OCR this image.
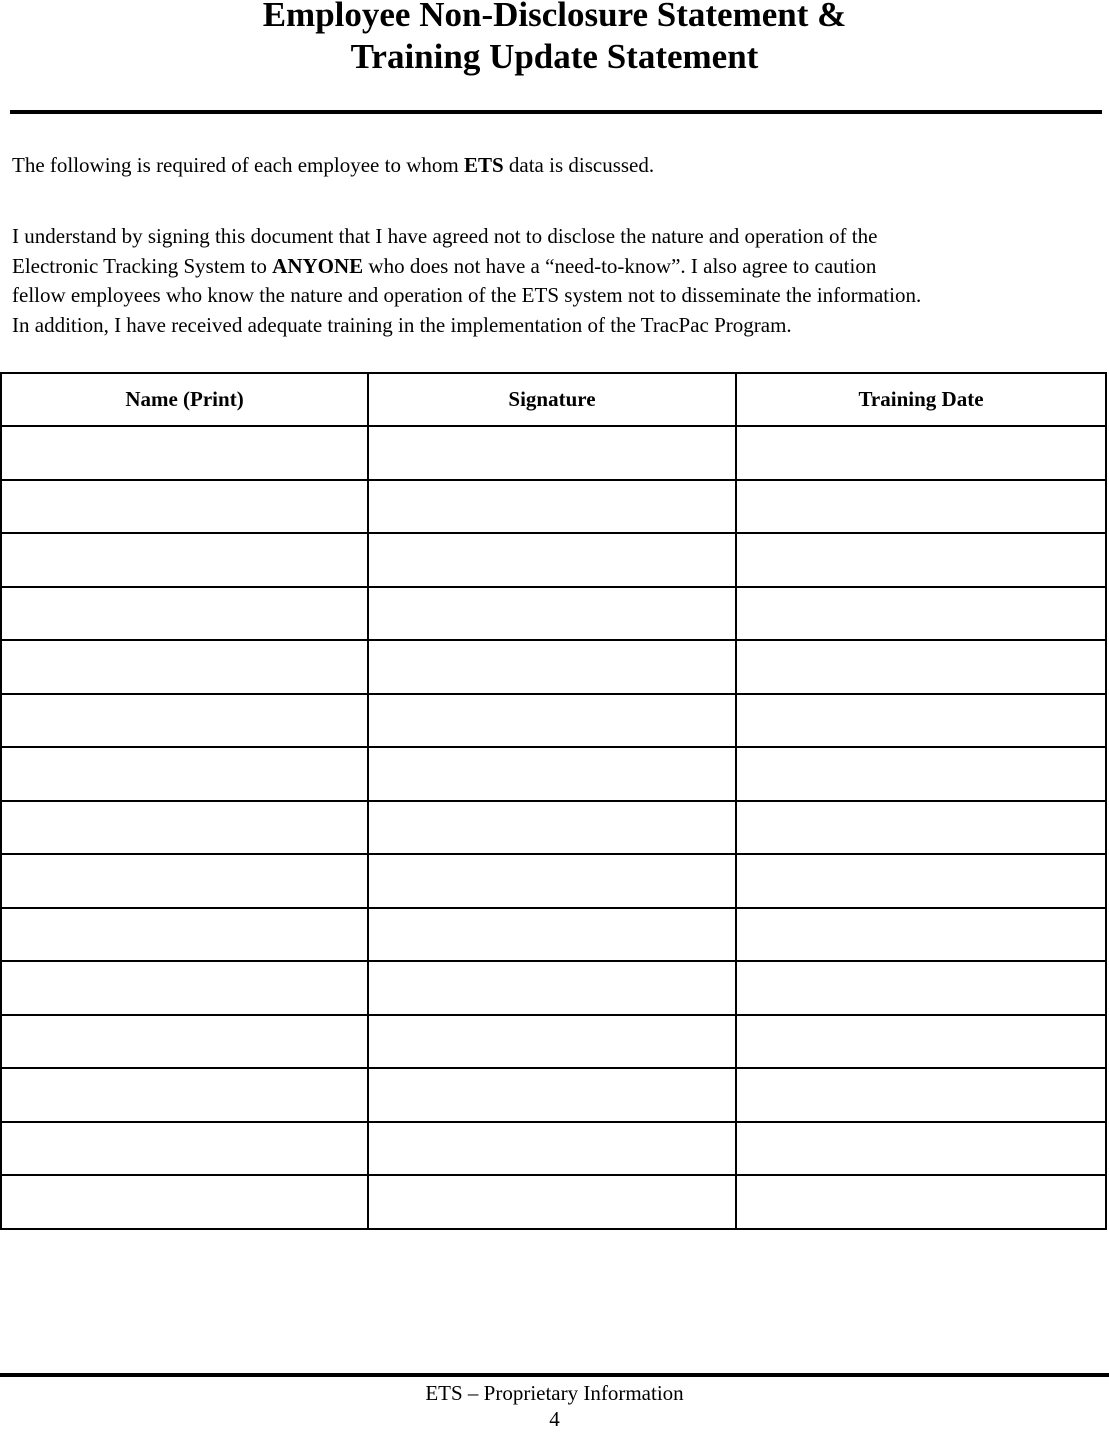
Employee Non-Disclosure Statement &
Training Update Statement

The following is required of each employee to whom ETS data is discussed.

I understand by signing this document that I have agreed not to disclose the nature and operation of the
Electronic Tracking System to ANYONE who does not have a “need-to-know”. I also agree to caution
fellow employees who know the nature and operation of the ETS system not to disseminate the information.
In addition, I have received adequate training in the implementation of the TracPac Program.

Name (Print)	Signature	Training Date

ETS – Proprietary Information
4
